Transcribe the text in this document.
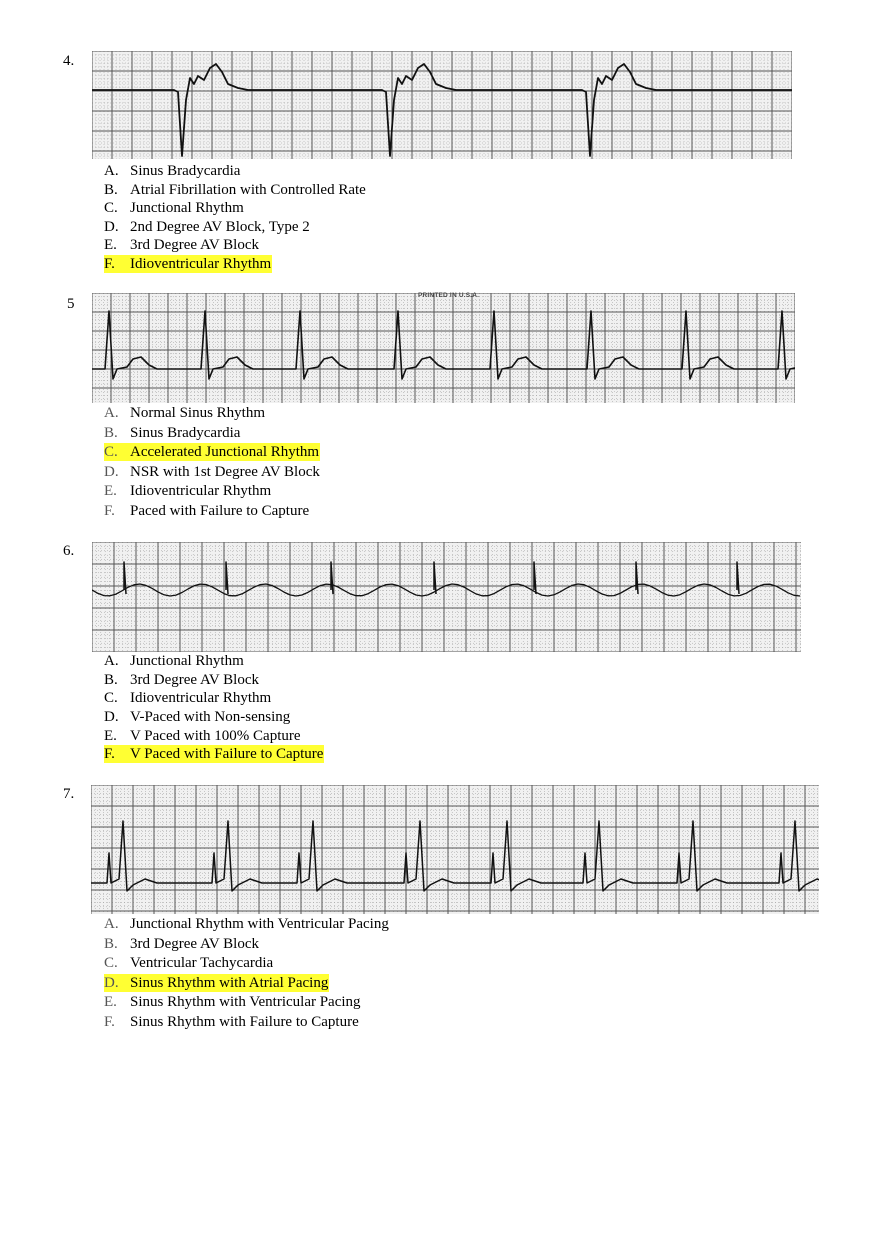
4.
A. Sinus Bradycardia
B. Atrial Fibrillation with Controlled Rate
C. Junctional Rhythm
D. 2nd Degree AV Block, Type 2
E. 3rd Degree AV Block
F. Idioventricular Rhythm
5
PRINTED IN U.S.A.
A. Normal Sinus Rhythm
B. Sinus Bradycardia
C. Accelerated Junctional Rhythm
D. NSR with 1st Degree AV Block
E. Idioventricular Rhythm
F. Paced with Failure to Capture
6.
A. Junctional Rhythm
B. 3rd Degree AV Block
C. Idioventricular Rhythm
D. V-Paced with Non-sensing
E. V Paced with 100% Capture
F. V Paced with Failure to Capture
7.
A. Junctional Rhythm with Ventricular Pacing
B. 3rd Degree AV Block
C. Ventricular Tachycardia
D. Sinus Rhythm with Atrial Pacing
E. Sinus Rhythm with Ventricular Pacing
F. Sinus Rhythm with Failure to Capture
